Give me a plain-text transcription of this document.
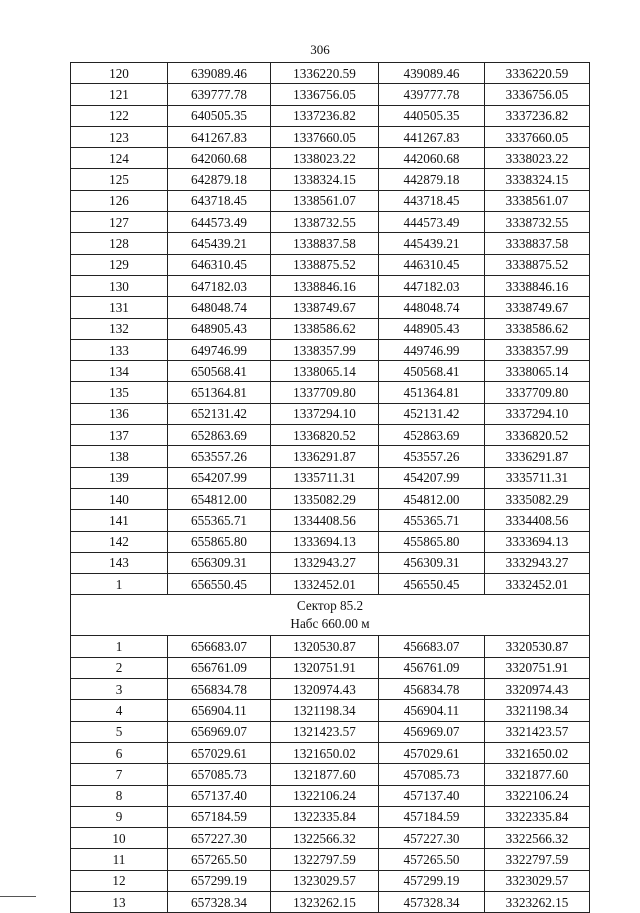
306
120	639089.46	1336220.59	439089.46	3336220.59
121	639777.78	1336756.05	439777.78	3336756.05
122	640505.35	1337236.82	440505.35	3337236.82
123	641267.83	1337660.05	441267.83	3337660.05
124	642060.68	1338023.22	442060.68	3338023.22
125	642879.18	1338324.15	442879.18	3338324.15
126	643718.45	1338561.07	443718.45	3338561.07
127	644573.49	1338732.55	444573.49	3338732.55
128	645439.21	1338837.58	445439.21	3338837.58
129	646310.45	1338875.52	446310.45	3338875.52
130	647182.03	1338846.16	447182.03	3338846.16
131	648048.74	1338749.67	448048.74	3338749.67
132	648905.43	1338586.62	448905.43	3338586.62
133	649746.99	1338357.99	449746.99	3338357.99
134	650568.41	1338065.14	450568.41	3338065.14
135	651364.81	1337709.80	451364.81	3337709.80
136	652131.42	1337294.10	452131.42	3337294.10
137	652863.69	1336820.52	452863.69	3336820.52
138	653557.26	1336291.87	453557.26	3336291.87
139	654207.99	1335711.31	454207.99	3335711.31
140	654812.00	1335082.29	454812.00	3335082.29
141	655365.71	1334408.56	455365.71	3334408.56
142	655865.80	1333694.13	455865.80	3333694.13
143	656309.31	1332943.27	456309.31	3332943.27
1	656550.45	1332452.01	456550.45	3332452.01

Сектор 85.2
Набс 660.00 м				

1	656683.07	1320530.87	456683.07	3320530.87
2	656761.09	1320751.91	456761.09	3320751.91
3	656834.78	1320974.43	456834.78	3320974.43
4	656904.11	1321198.34	456904.11	3321198.34
5	656969.07	1321423.57	456969.07	3321423.57
6	657029.61	1321650.02	457029.61	3321650.02
7	657085.73	1321877.60	457085.73	3321877.60
8	657137.40	1322106.24	457137.40	3322106.24
9	657184.59	1322335.84	457184.59	3322335.84
10	657227.30	1322566.32	457227.30	3322566.32
11	657265.50	1322797.59	457265.50	3322797.59
12	657299.19	1323029.57	457299.19	3323029.57
13	657328.34	1323262.15	457328.34	3323262.15
